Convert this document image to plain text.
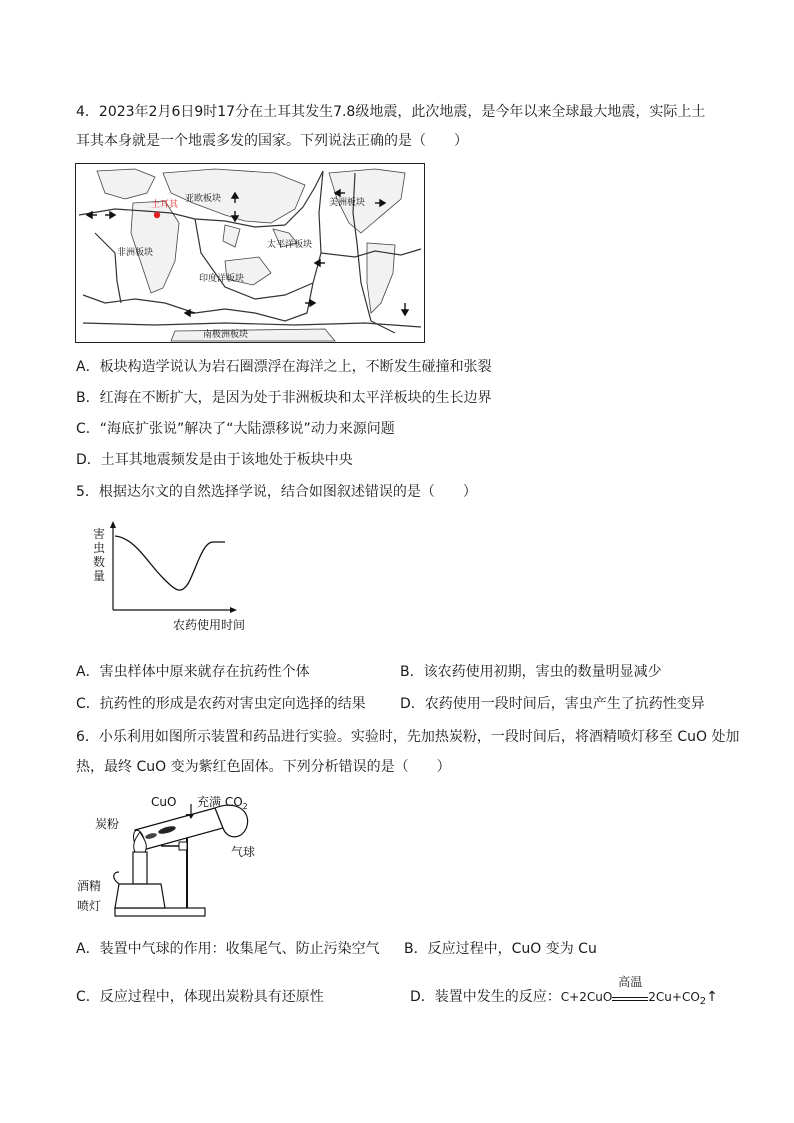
4．2023年2月6日9时17分在土耳其发生7.8级地震，此次地震，是今年以来全球最大地震，实际上土
耳其本身就是一个地震多发的国家。下列说法正确的是（　　）
土耳其
亚欧板块	美洲板块
非洲板块
太平洋板块
印度洋板块
南极洲板块
A．板块构造学说认为岩石圈漂浮在海洋之上，不断发生碰撞和张裂
B．红海在不断扩大，是因为处于非洲板块和太平洋板块的生长边界
C．“海底扩张说”解决了“大陆漂移说”动力来源问题
D．土耳其地震频发是由于该地处于板块中央
5．根据达尔文的自然选择学说，结合如图叙述错误的是（　　）
害 虫 数 量
农药使用时间
A．害虫样体中原来就存在抗药性个体	B．该农药使用初期，害虫的数量明显减少
C．抗药性的形成是农药对害虫定向选择的结果 D．农药使用一段时间后，害虫产生了抗药性变异
6．小乐利用如图所示装置和药品进行实验。实验时，先加热炭粉，一段时间后，将酒精喷灯移至 CuO 处加
热，最终 CuO 变为紫红色固体。下列分析错误的是（　　）
CuO 充满 $CO_2$
炭粉
气球
酒精
喷灯
A．装置中气球的作用：收集尾气、防止污染空气 B．反应过程中，CuO 变为 Cu
C．反应过程中，体现出炭粉具有还原性	D．装置中发生的反应：C+2CuO
高温
$2Cu+CO_2↑$
